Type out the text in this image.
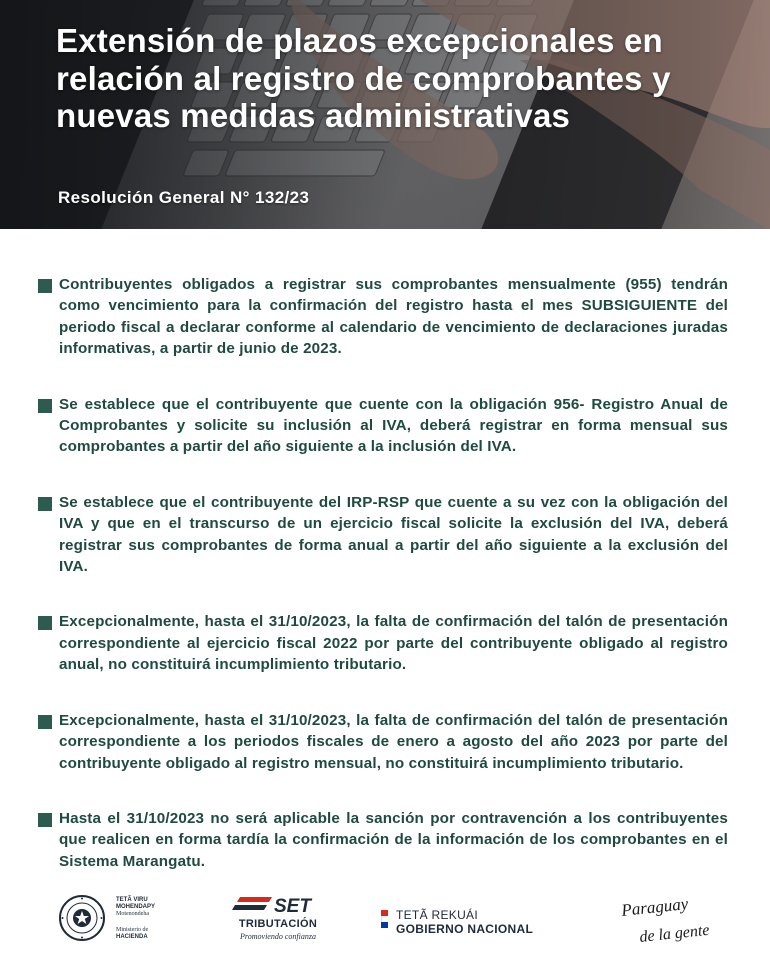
Extensión de plazos excepcionales en relación al registro de comprobantes y nuevas medidas administrativas

Resolución General N° 132/23

Contribuyentes obligados a registrar sus comprobantes mensualmente (955) tendrán como vencimiento para la confirmación del registro hasta el mes SUBSIGUIENTE del periodo fiscal a declarar conforme al calendario de vencimiento de declaraciones juradas informativas, a partir de junio de 2023.

Se establece que el contribuyente que cuente con la obligación 956- Registro Anual de Comprobantes y solicite su inclusión al IVA, deberá registrar en forma mensual sus comprobantes a partir del año siguiente a la inclusión del IVA.

Se establece que el contribuyente del IRP-RSP que cuente a su vez con la obligación del IVA y que en el transcurso de un ejercicio fiscal solicite la exclusión del IVA, deberá registrar sus comprobantes de forma anual a partir del año siguiente a la exclusión del IVA.

Excepcionalmente, hasta el 31/10/2023, la falta de confirmación del talón de presentación correspondiente al ejercicio fiscal 2022 por parte del contribuyente obligado al registro anual, no constituirá incumplimiento tributario.

Excepcionalmente, hasta el 31/10/2023, la falta de confirmación del talón de presentación correspondiente a los periodos fiscales de enero a agosto del año 2023 por parte del contribuyente obligado al registro mensual, no constituirá incumplimiento tributario.

Hasta el 31/10/2023 no será aplicable la sanción por contravención a los contribuyentes que realicen en forma tardía la confirmación de la información de los comprobantes en el Sistema Marangatu.

TETÃ VIRU
MOHENDAPY
Motenondeha
Ministerio de
HACIENDA
SET
TRIBUTACIÓN
Promoviendo confianza
TETÃ REKUÁI
GOBIERNO NACIONAL
Paraguay
de la gente
